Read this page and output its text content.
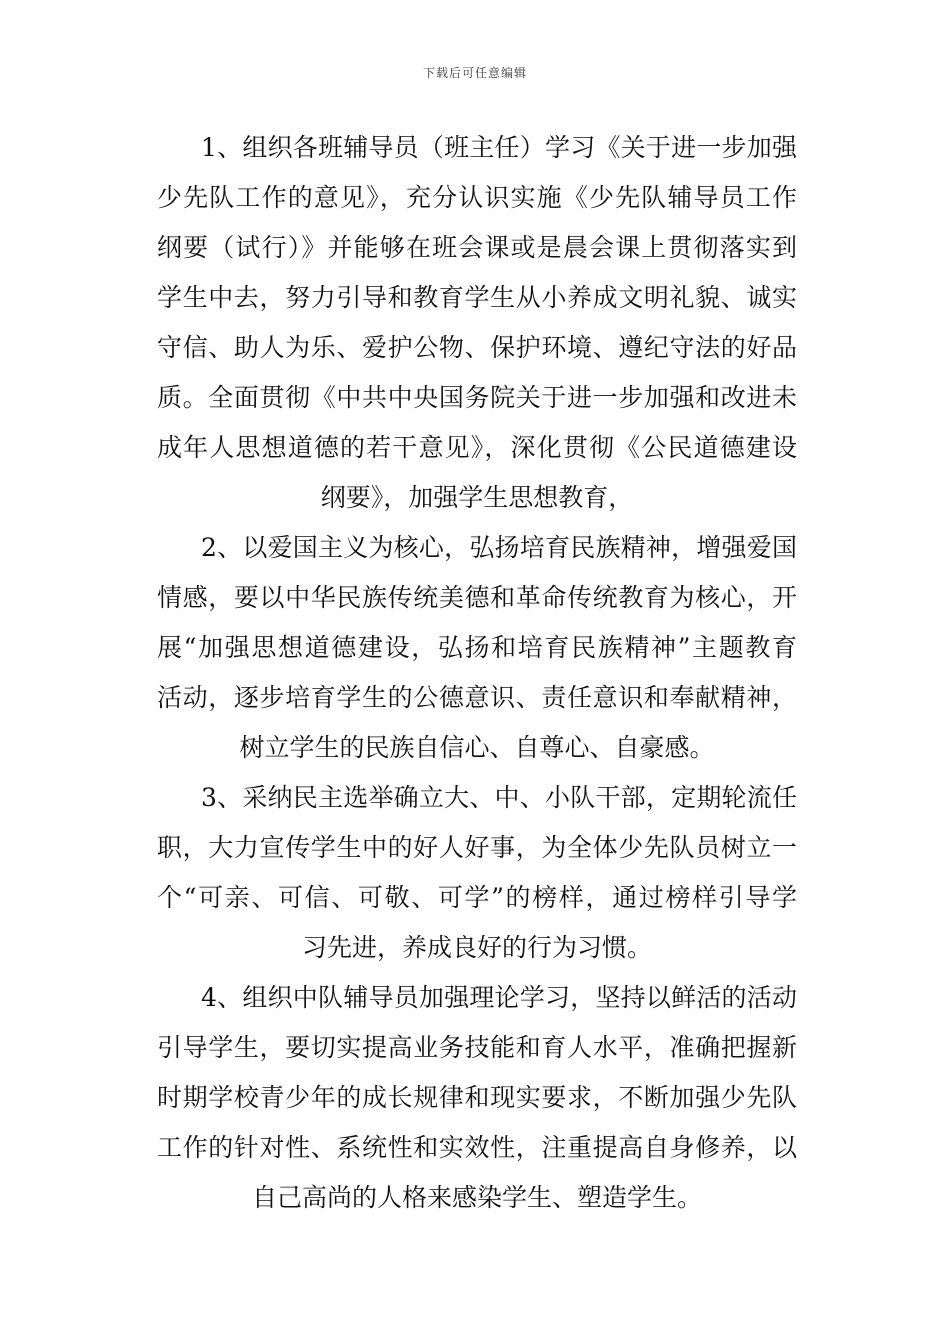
下载后可任意编辑
1、组织各班辅导员（班主任）学习《关于进一步加强
少先队工作的意见》，充分认识实施《少先队辅导员工作
纲要（试行）》并能够在班会课或是晨会课上贯彻落实到
学生中去，努力引导和教育学生从小养成文明礼貌、诚实
守信、助人为乐、爱护公物、保护环境、遵纪守法的好品
质。全面贯彻《中共中央国务院关于进一步加强和改进未
成年人思想道德的若干意见》，深化贯彻《公民道德建设
纲要》，加强学生思想教育，
2、以爱国主义为核心，弘扬培育民族精神，增强爱国
情感，要以中华民族传统美德和革命传统教育为核心，开
展“加强思想道德建设，弘扬和培育民族精神”主题教育
活动，逐步培育学生的公德意识、责任意识和奉献精神，
树立学生的民族自信心、自尊心、自豪感。
3、采纳民主选举确立大、中、小队干部，定期轮流任
职，大力宣传学生中的好人好事，为全体少先队员树立一
个“可亲、可信、可敬、可学”的榜样，通过榜样引导学
习先进，养成良好的行为习惯。
4、组织中队辅导员加强理论学习，坚持以鲜活的活动
引导学生，要切实提高业务技能和育人水平，准确把握新
时期学校青少年的成长规律和现实要求，不断加强少先队
工作的针对性、系统性和实效性，注重提高自身修养，以
自己高尚的人格来感染学生、塑造学生。
